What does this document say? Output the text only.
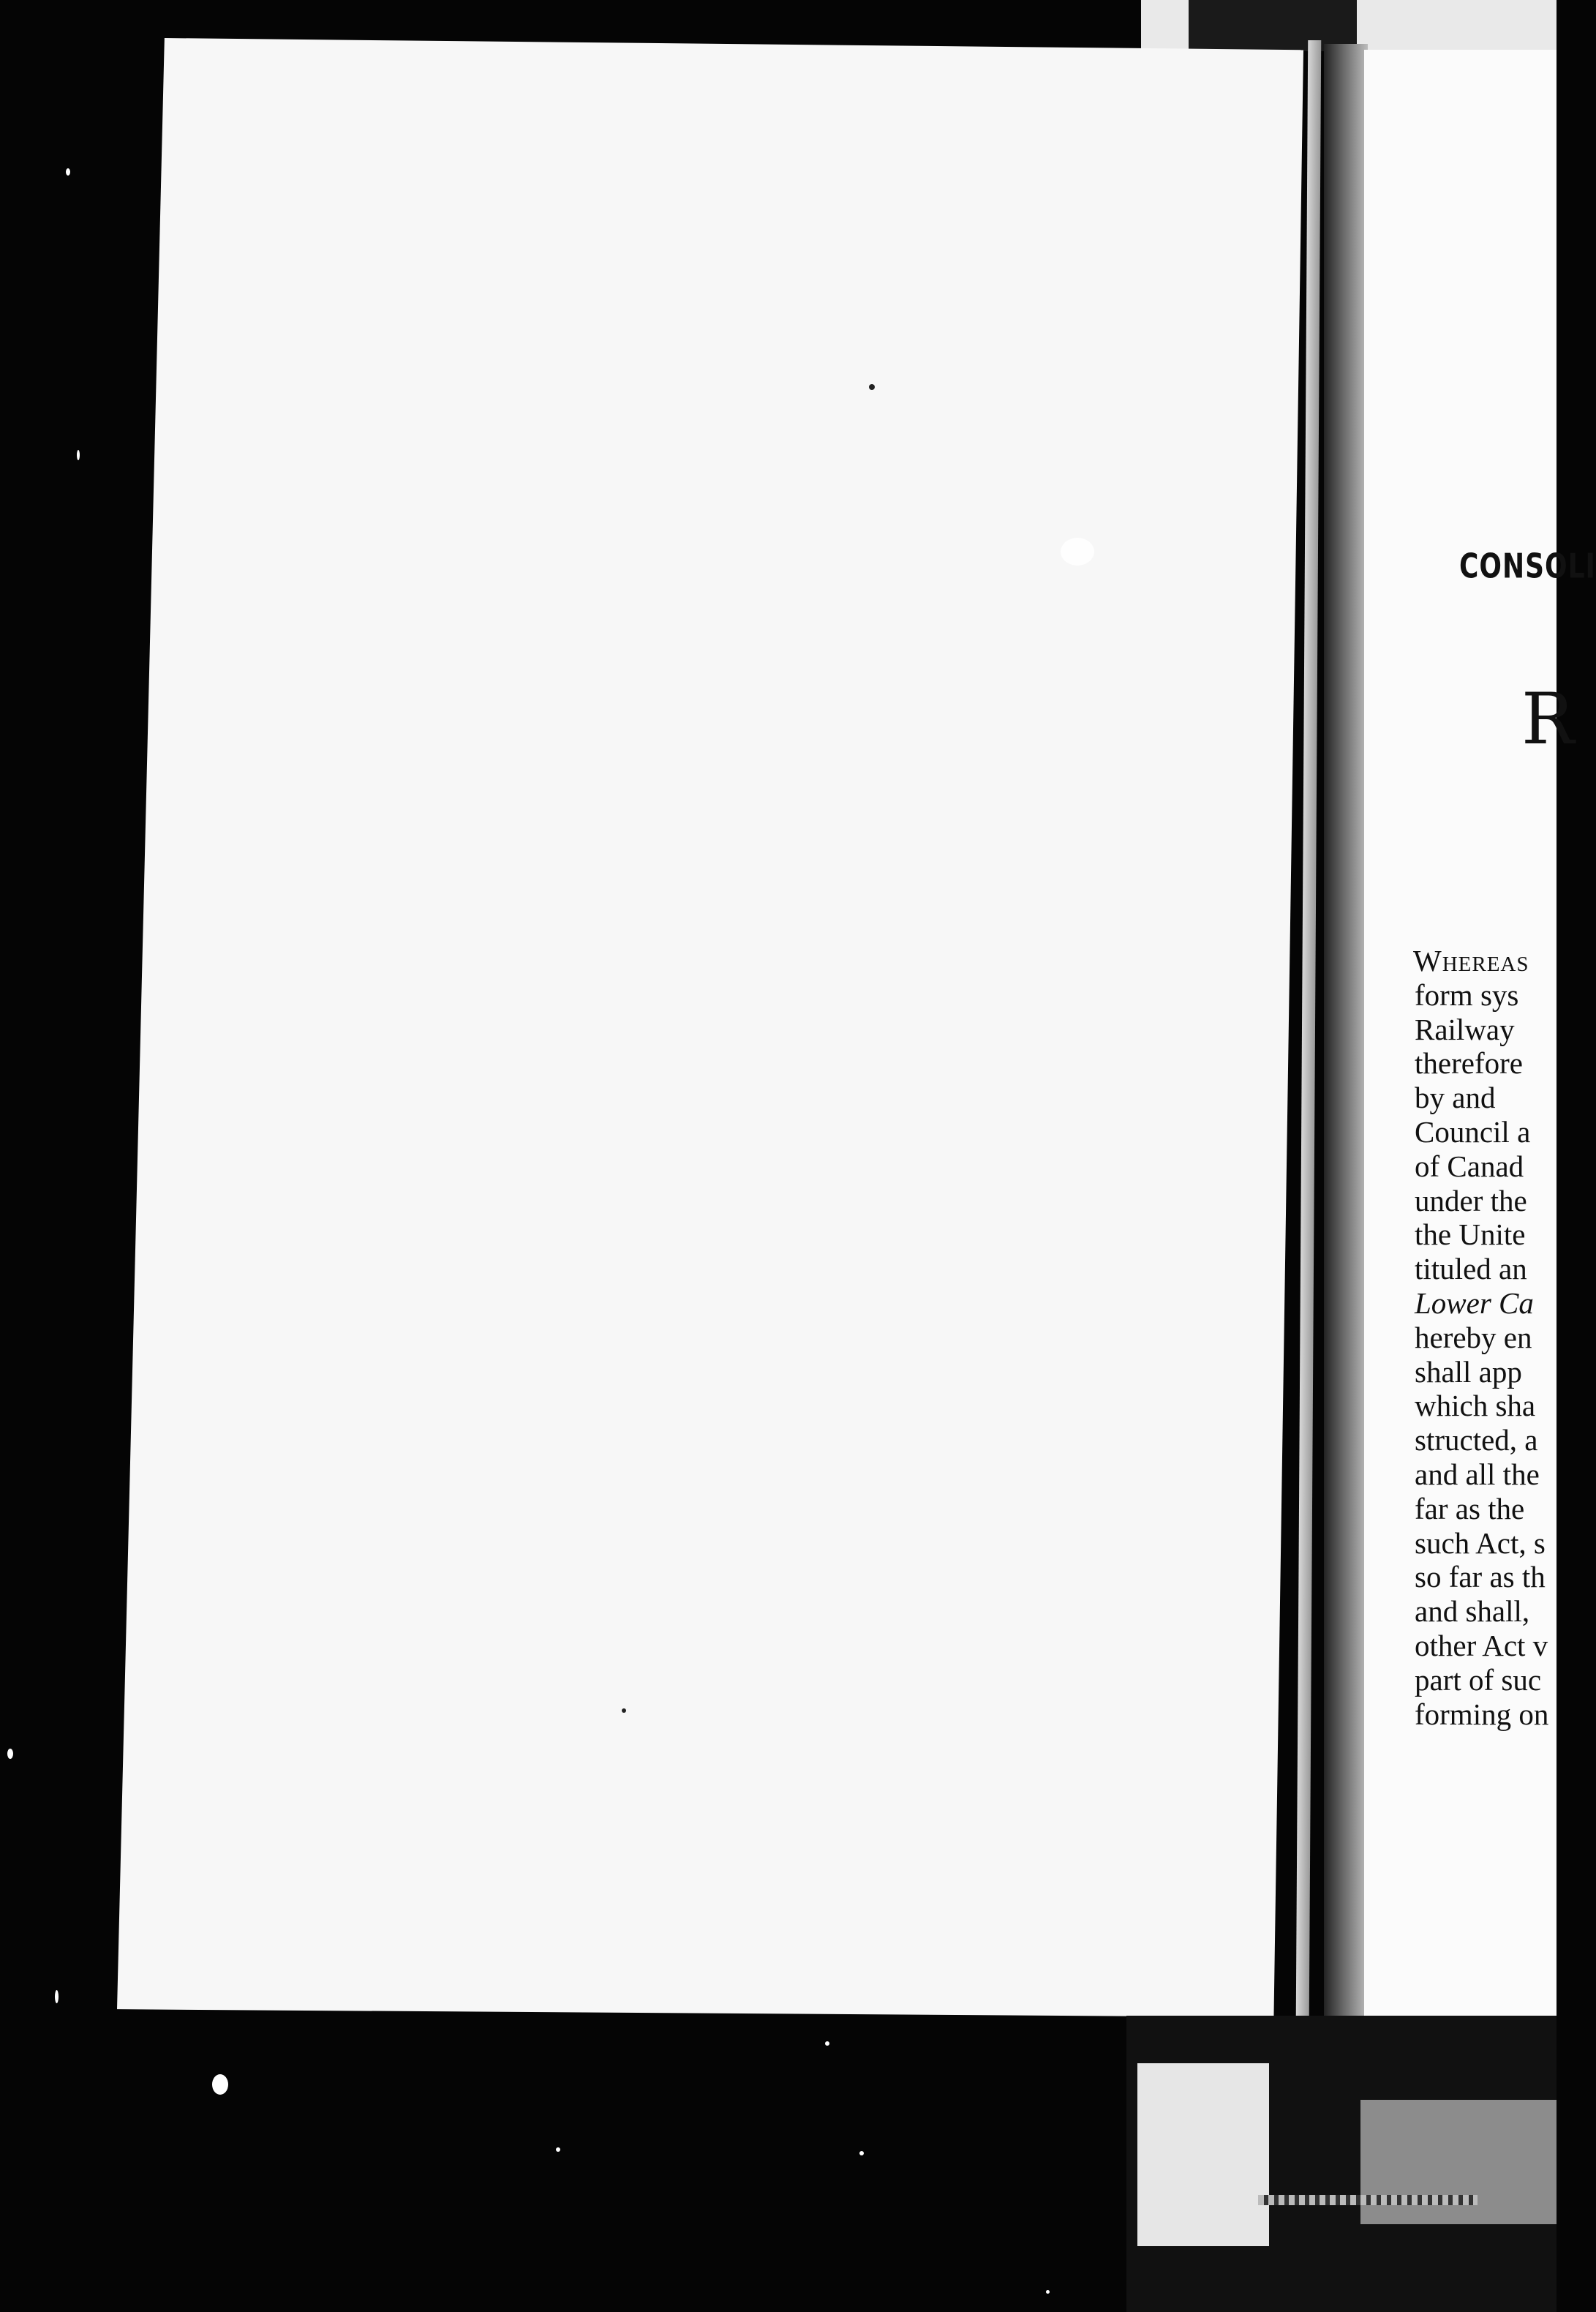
CONSOLI
R
Whereas
form sys
Railway
therefore
by and
Council a
of Canad
under the
the Unite
tituled an
Lower Ca
hereby en
shall app
which sha
structed, a
and all the
far as the
such Act, s
so far as th
and shall,
other Act v
part of suc
forming on
